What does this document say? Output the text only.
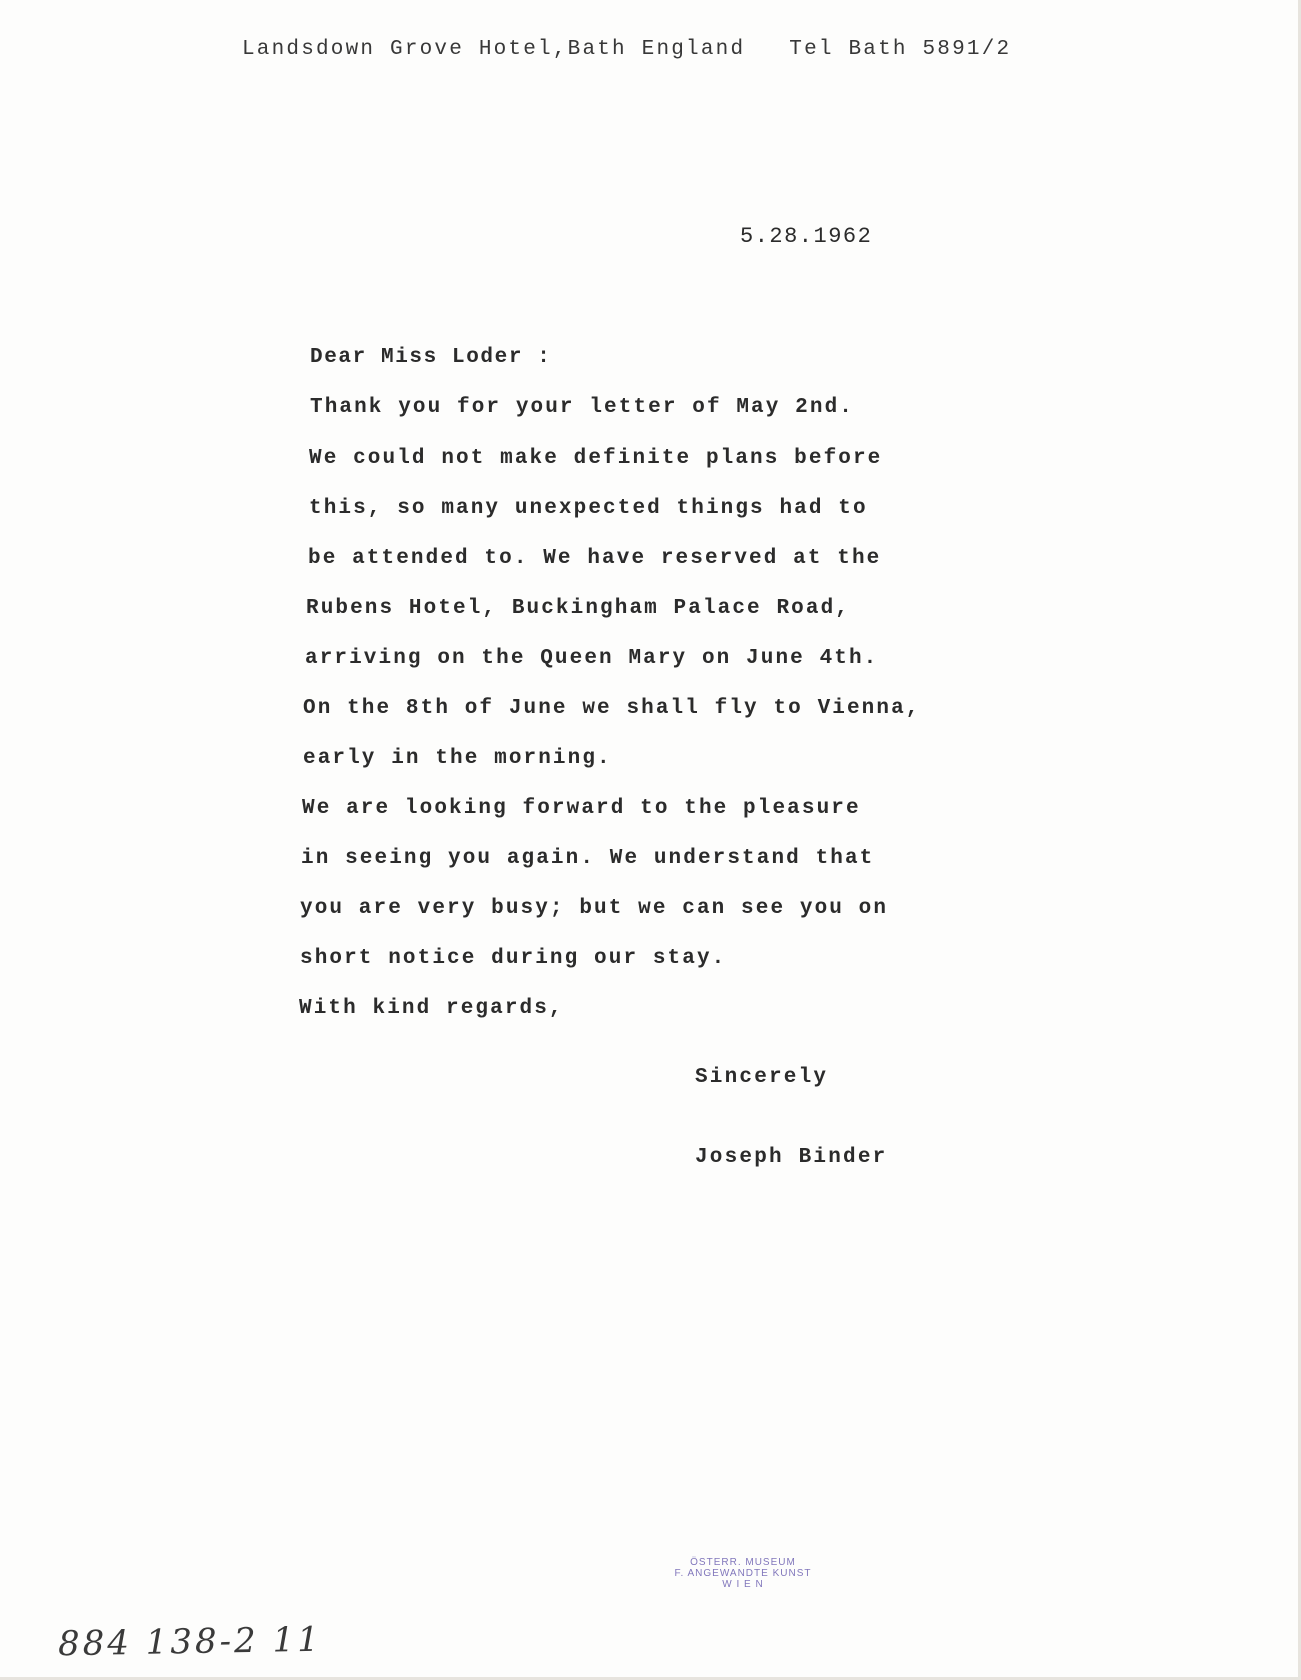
Landsdown Grove Hotel,Bath England Tel Bath 5891/2
5.28.1962
Dear Miss Loder :
Thank you for your letter of May 2nd.
We could not make definite plans before
this, so many unexpected things had to
be attended to. We have reserved at the
Rubens Hotel, Buckingham Palace Road,
arriving on the Queen Mary on June 4th.
On the 8th of June we shall fly to Vienna,
early in the morning.
We are looking forward to the pleasure
in seeing you again. We understand that
you are very busy; but we can see you on
short notice during our stay.
With kind regards,
Sincerely
Joseph Binder
ÖSTERR. MUSEUM
F. ANGEWANDTE KUNST
W I E N
884 138-2 11
